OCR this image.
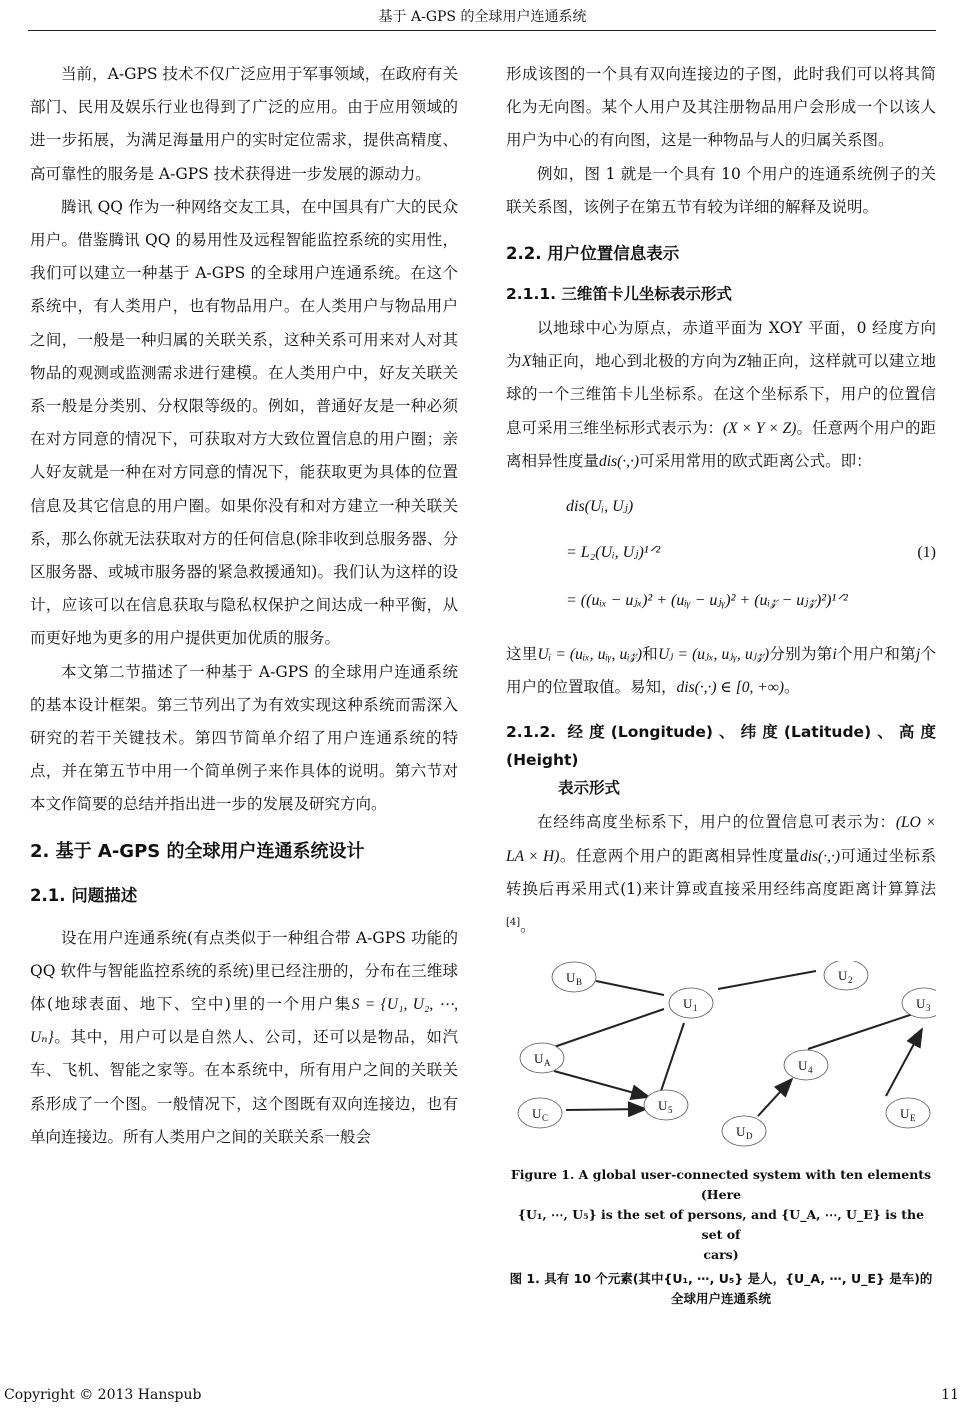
基于 A-GPS 的全球用户连通系统

当前，A-GPS 技术不仅广泛应用于军事领域，在政府有关部门、民用及娱乐行业也得到了广泛的应用。由于应用领域的进一步拓展，为满足海量用户的实时定位需求，提供高精度、高可靠性的服务是 A-GPS 技术获得进一步发展的源动力。

腾讯 QQ 作为一种网络交友工具，在中国具有广大的民众用户。借鉴腾讯 QQ 的易用性及远程智能监控系统的实用性，我们可以建立一种基于 A-GPS 的全球用户连通系统。在这个系统中，有人类用户，也有物品用户。在人类用户与物品用户之间，一般是一种归属的关联关系，这种关系可用来对人对其物品的观测或监测需求进行建模。在人类用户中，好友关联关系一般是分类别、分权限等级的。例如，普通好友是一种必须在对方同意的情况下，可获取对方大致位置信息的用户圈；亲人好友就是一种在对方同意的情况下，能获取更为具体的位置信息及其它信息的用户圈。如果你没有和对方建立一种关联关系，那么你就无法获取对方的任何信息(除非收到总服务器、分区服务器、或城市服务器的紧急救援通知)。我们认为这样的设计，应该可以在信息获取与隐私权保护之间达成一种平衡，从而更好地为更多的用户提供更加优质的服务。

本文第二节描述了一种基于 A-GPS 的全球用户连通系统的基本设计框架。第三节列出了为有效实现这种系统而需深入研究的若干关键技术。第四节简单介绍了用户连通系统的特点，并在第五节中用一个简单例子来作具体的说明。第六节对本文作简要的总结并指出进一步的发展及研究方向。

2. 基于 A-GPS 的全球用户连通系统设计
2.1. 问题描述

设在用户连通系统(有点类似于一种组合带 A-GPS 功能的 QQ 软件与智能监控系统的系统)里已经注册的，分布在三维球体(地球表面、地下、空中)里的一个用户集S = {U₁, U₂, ⋯, Uₙ}。其中，用户可以是自然人、公司，还可以是物品，如汽车、飞机、智能之家等。在本系统中，所有用户之间的关联关系形成了一个图。一般情况下，这个图既有双向连接边，也有单向连接边。所有人类用户之间的关联关系一般会

形成该图的一个具有双向连接边的子图，此时我们可以将其简化为无向图。某个人用户及其注册物品用户会形成一个以该人用户为中心的有向图，这是一种物品与人的归属关系图。

例如，图 1 就是一个具有 10 个用户的连通系统例子的关联关系图，该例子在第五节有较为详细的解释及说明。

2.2. 用户位置信息表示
2.1.1. 三维笛卡儿坐标表示形式

以地球中心为原点，赤道平面为 XOY 平面，0 经度方向为X轴正向，地心到北极的方向为Z轴正向，这样就可以建立地球的一个三维笛卡儿坐标系。在这个坐标系下，用户的位置信息可采用三维坐标形式表示为：(X × Y × Z)。任意两个用户的距离相异性度量dis(·,·)可采用常用的欧式距离公式。即：

dis(Uᵢ, Uⱼ)
= L₂(Uᵢ, Uⱼ)¹ᐟ²
= ((uᵢₓ − uⱼₓ)² + (uᵢᵧ − uⱼᵧ)² + (uᵢ𝓏 − uⱼ𝓏)²)¹ᐟ²
(1)

这里Uᵢ = (uᵢₓ, uᵢᵧ, uᵢ𝓏)和Uⱼ = (uⱼₓ, uⱼᵧ, uⱼ𝓏)分别为第i个用户和第j个用户的位置取值。易知，dis(·,·) ∈ [0, +∞)。

2.1.2. 经度(Longitude)、纬度(Latitude)、高度(Height)
表示形式

在经纬高度坐标系下，用户的位置信息可表示为：(LO × LA × H)。任意两个用户的距离相异性度量dis(·,·)可通过坐标系转换后再采用式(1)来计算或直接采用经纬高度距离计算算法[4]。

U B
U 1
U 2
U 3
U A	U 4
U C
U 5	U E
U D
Figure 1. A global user-connected system with ten elements (Here
{U₁, ⋯, U₅} is the set of persons, and {U_A, ⋯, U_E} is the set of
cars)
图 1. 具有 10 个元素(其中{U₁, ⋯, U₅} 是人，{U_A, ⋯, U_E} 是车)的
全球用户连通系统
Copyright © 2013 Hanspub	11
